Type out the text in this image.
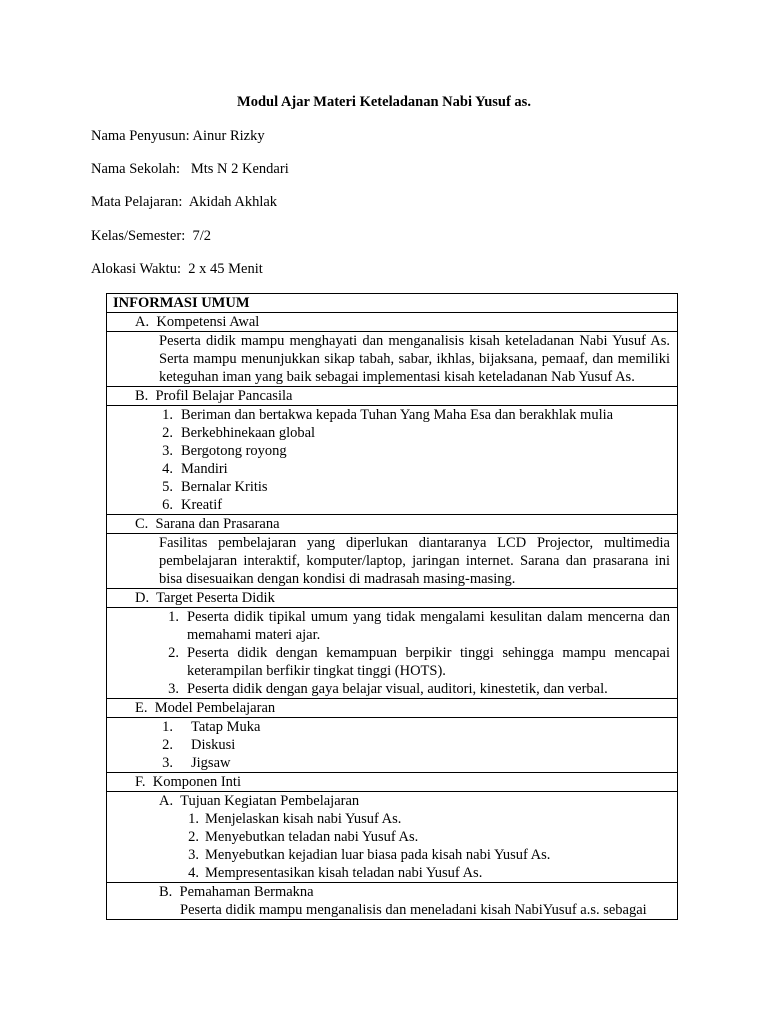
Modul Ajar Materi Keteladanan Nabi Yusuf as.
Nama Penyusun: Ainur Rizky
Nama Sekolah:   Mts N 2 Kendari
Mata Pelajaran:  Akidah Akhlak
Kelas/Semester:  7/2
Alokasi Waktu:  2 x 45 Menit
INFORMASI UMUM
A. Kompetensi Awal
Peserta didik mampu menghayati dan menganalisis kisah keteladanan Nabi Yusuf As. Serta mampu menunjukkan sikap tabah, sabar, ikhlas, bijaksana, pemaaf, dan memiliki keteguhan iman yang baik sebagai implementasi kisah keteladanan Nab Yusuf As.
B. Profil Belajar Pancasila

1. Beriman dan bertakwa kepada Tuhan Yang Maha Esa dan berakhlak mulia
2. Berkebhinekaan global
3. Bergotong royong
4. Mandiri
5. Bernalar Kritis
6. Kreatif

C. Sarana dan Prasarana
Fasilitas pembelajaran yang diperlukan diantaranya LCD Projector, multimedia pembelajaran interaktif, komputer/laptop, jaringan internet. Sarana dan prasarana ini bisa disesuaikan dengan kondisi di madrasah masing-masing.
D. Target Peserta Didik

1. Peserta didik tipikal umum yang tidak mengalami kesulitan dalam mencerna dan memahami materi ajar.
2. Peserta didik dengan kemampuan berpikir tinggi sehingga mampu mencapai keterampilan berfikir tingkat tinggi (HOTS).
3. Peserta didik dengan gaya belajar visual, auditori, kinestetik, dan verbal.

E. Model Pembelajaran

1.	Tatap Muka
2.	Diskusi
3.	Jigsaw

F. Komponen Inti

A. Tujuan Kegiatan Pembelajaran
1. Menjelaskan kisah nabi Yusuf As.
2. Menyebutkan teladan nabi Yusuf As.
3. Menyebutkan kejadian luar biasa pada kisah nabi Yusuf As.
4. Mempresentasikan kisah teladan nabi Yusuf As.

B. Pemahaman Bermakna
Peserta didik mampu menganalisis dan meneladani kisah NabiYusuf a.s. sebagai
